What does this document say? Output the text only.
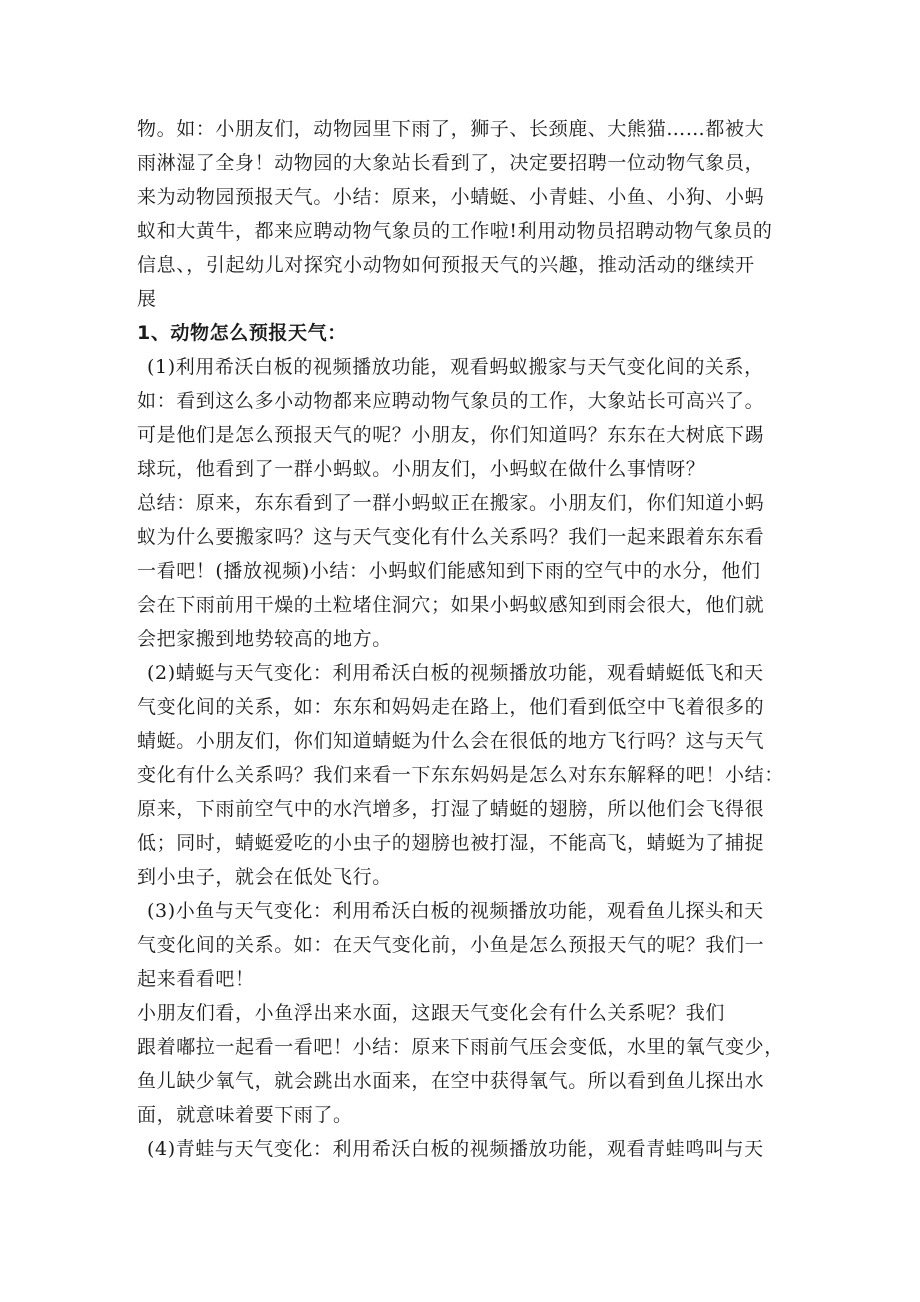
物。如：小朋友们，动物园里下雨了，狮子、长颈鹿、大熊猫……都被大
雨淋湿了全身！动物园的大象站长看到了，决定要招聘一位动物气象员，
来为动物园预报天气。小结：原来，小蜻蜓、小青蛙、小鱼、小狗、小蚂
蚁和大黄牛，都来应聘动物气象员的工作啦!利用动物员招聘动物气象员的
信息、，引起幼儿对探究小动物如何预报天气的兴趣，推动活动的继续开
展
1、动物怎么预报天气：
(1)利用希沃白板的视频播放功能，观看蚂蚁搬家与天气变化间的关系，
如：看到这么多小动物都来应聘动物气象员的工作，大象站长可高兴了。
可是他们是怎么预报天气的呢？小朋友，你们知道吗？东东在大树底下踢
球玩，他看到了一群小蚂蚁。小朋友们，小蚂蚁在做什么事情呀？
总结：原来，东东看到了一群小蚂蚁正在搬家。小朋友们，你们知道小蚂
蚁为什么要搬家吗？这与天气变化有什么关系吗？我们一起来跟着东东看
一看吧！(播放视频)小结：小蚂蚁们能感知到下雨的空气中的水分，他们
会在下雨前用干燥的土粒堵住洞穴；如果小蚂蚁感知到雨会很大，他们就
会把家搬到地势较高的地方。
(2)蜻蜓与天气变化：利用希沃白板的视频播放功能，观看蜻蜓低飞和天
气变化间的关系，如：东东和妈妈走在路上，他们看到低空中飞着很多的
蜻蜓。小朋友们，你们知道蜻蜓为什么会在很低的地方飞行吗？这与天气
变化有什么关系吗？我们来看一下东东妈妈是怎么对东东解释的吧！小结：
原来，下雨前空气中的水汽增多，打湿了蜻蜓的翅膀，所以他们会飞得很
低；同时，蜻蜓爱吃的小虫子的翅膀也被打湿，不能高飞，蜻蜓为了捕捉
到小虫子，就会在低处飞行。
(3)小鱼与天气变化：利用希沃白板的视频播放功能，观看鱼儿探头和天
气变化间的关系。如：在天气变化前，小鱼是怎么预报天气的呢？我们一
起来看看吧！
小朋友们看，小鱼浮出来水面，这跟天气变化会有什么关系呢？我们
跟着嘟拉一起看一看吧！小结：原来下雨前气压会变低，水里的氧气变少，
鱼儿缺少氧气，就会跳出水面来，在空中获得氧气。所以看到鱼儿探出水
面，就意味着要下雨了。
(4)青蛙与天气变化：利用希沃白板的视频播放功能，观看青蛙鸣叫与天
